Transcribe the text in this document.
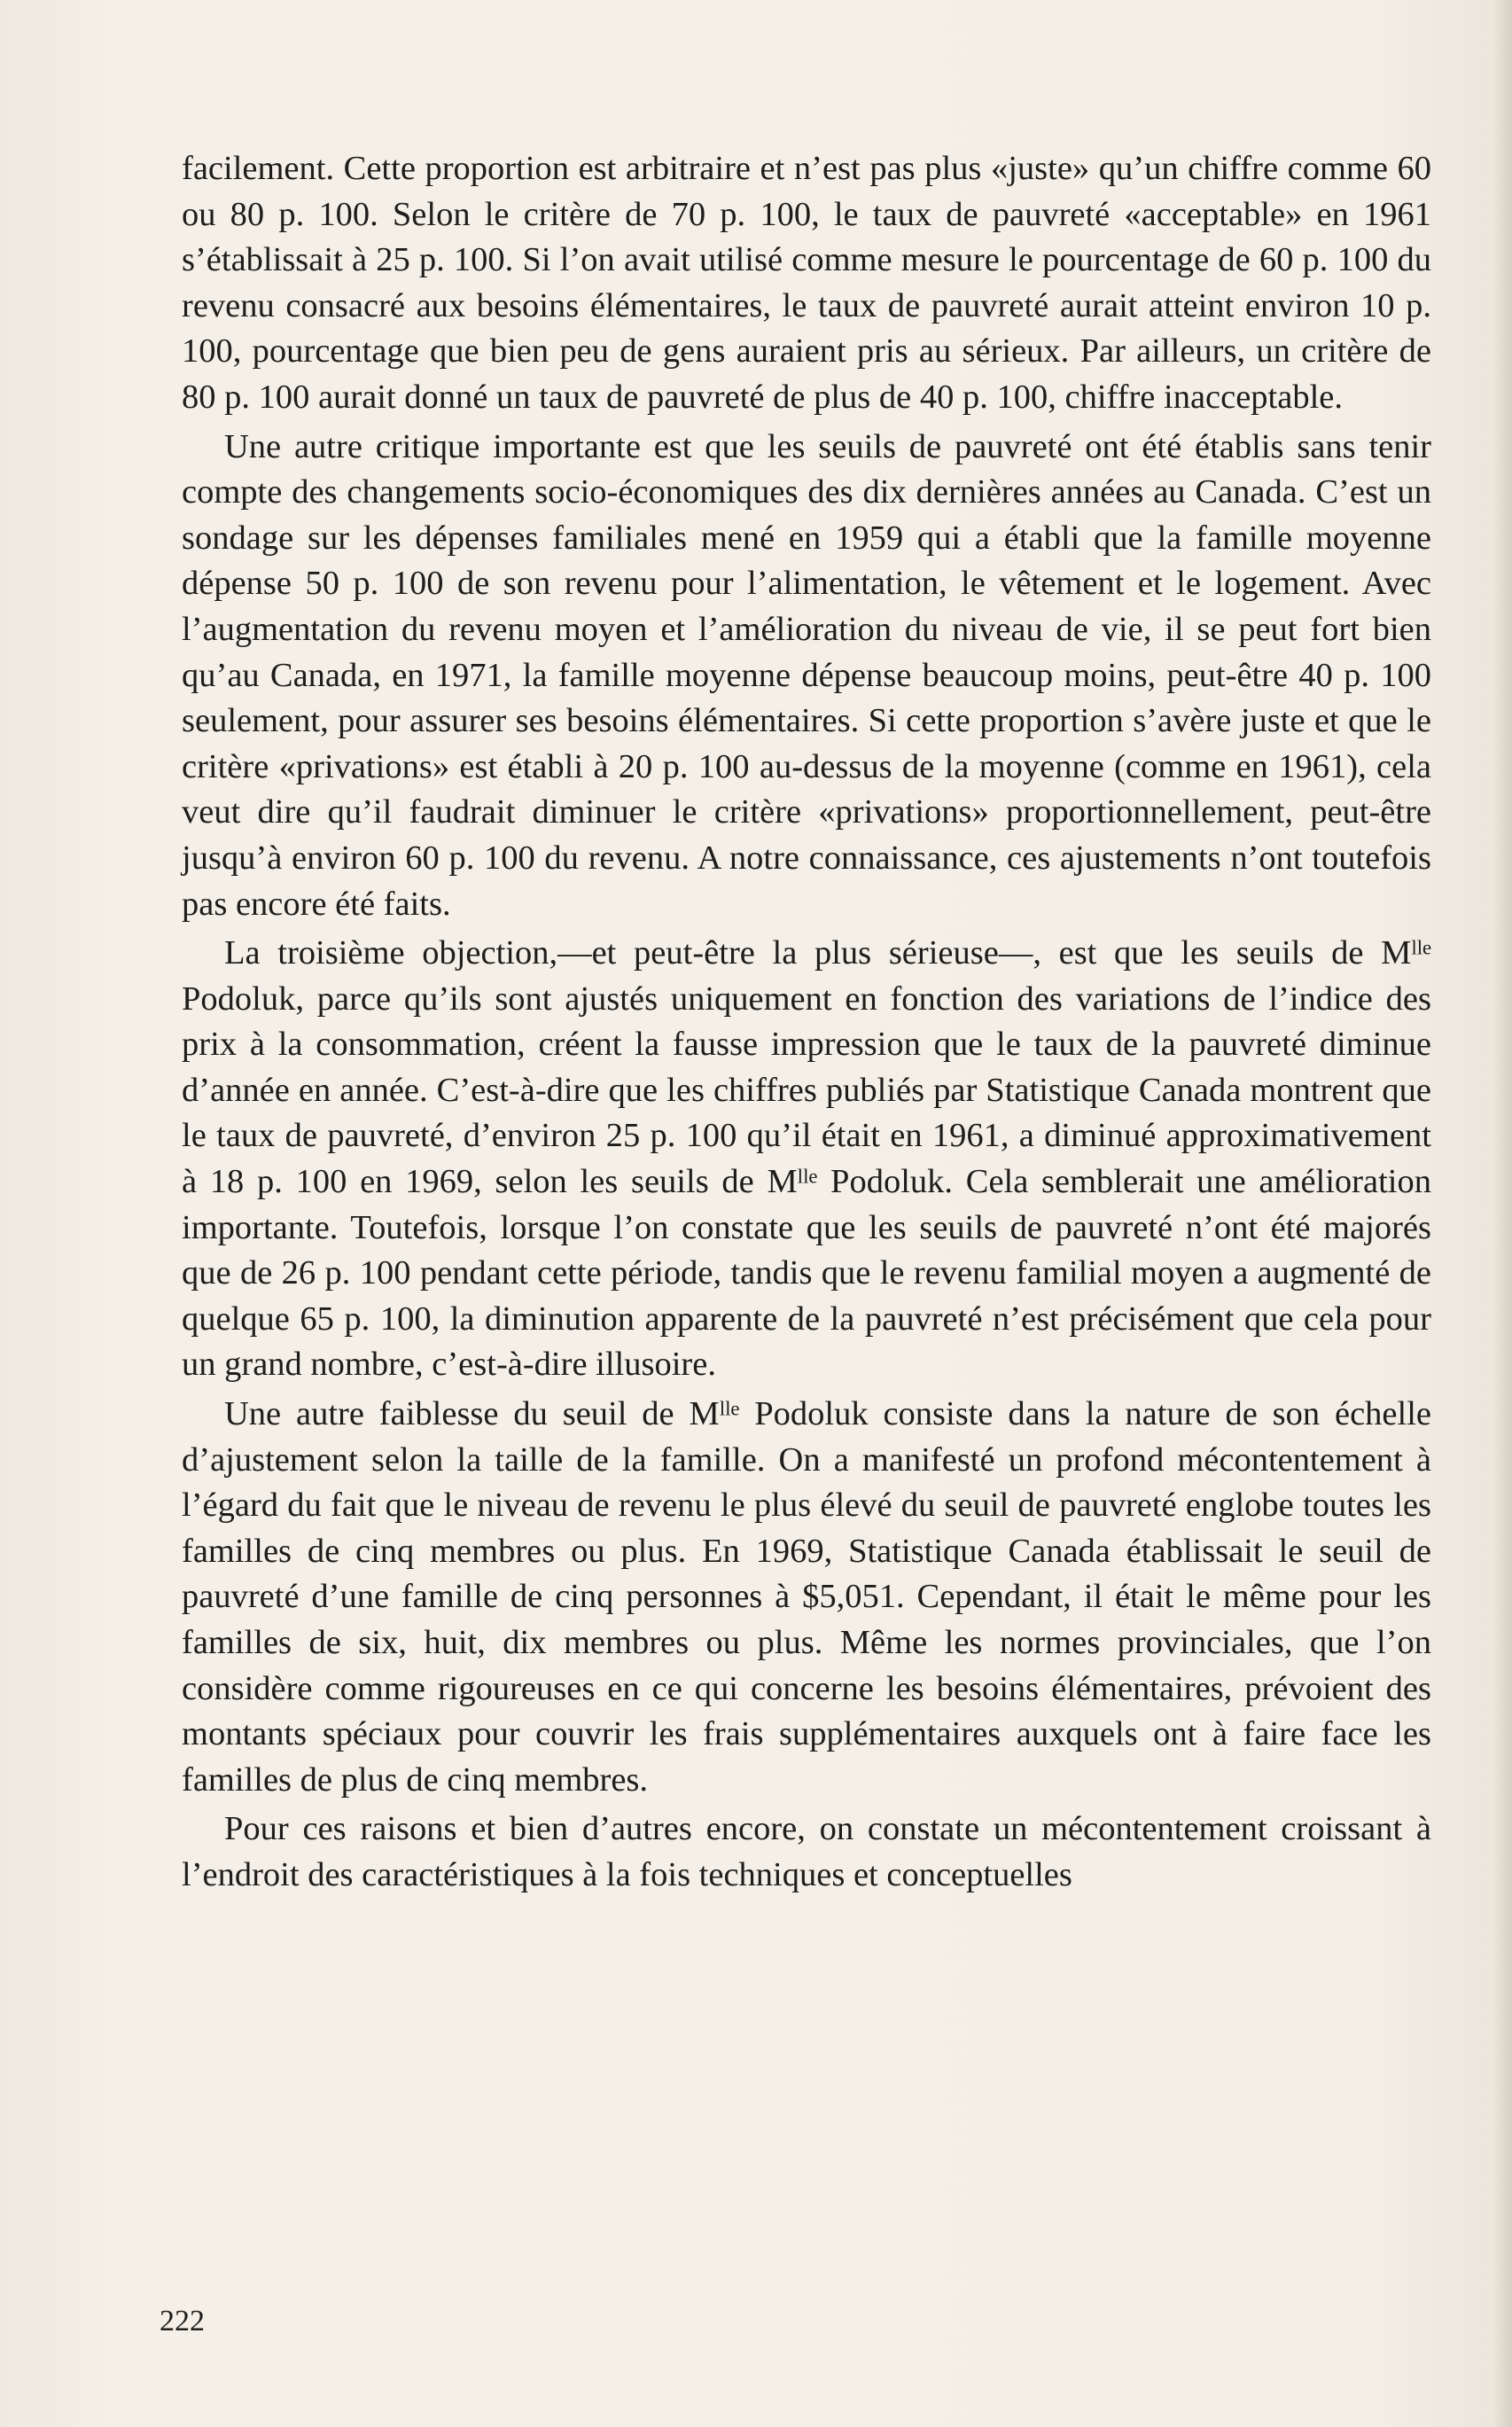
facilement. Cette proportion est arbitraire et n’est pas plus «juste» qu’un chiffre comme 60 ou 80 p. 100. Selon le critère de 70 p. 100, le taux de pauvreté «acceptable» en 1961 s’établissait à 25 p. 100. Si l’on avait utilisé comme mesure le pourcentage de 60 p. 100 du revenu consacré aux besoins élémentaires, le taux de pauvreté aurait atteint environ 10 p. 100, pourcentage que bien peu de gens auraient pris au sérieux. Par ailleurs, un critère de 80 p. 100 aurait donné un taux de pauvreté de plus de 40 p. 100, chiffre inacceptable.

Une autre critique importante est que les seuils de pauvreté ont été établis sans tenir compte des changements socio-économiques des dix dernières années au Canada. C’est un sondage sur les dépenses familiales mené en 1959 qui a établi que la famille moyenne dépense 50 p. 100 de son revenu pour l’alimentation, le vêtement et le logement. Avec l’augmentation du revenu moyen et l’amélioration du niveau de vie, il se peut fort bien qu’au Canada, en 1971, la famille moyenne dépense beaucoup moins, peut-être 40 p. 100 seulement, pour assurer ses besoins élémentaires. Si cette proportion s’avère juste et que le critère «privations» est établi à 20 p. 100 au-dessus de la moyenne (comme en 1961), cela veut dire qu’il faudrait diminuer le critère «privations» proportionnellement, peut-être jusqu’à environ 60 p. 100 du revenu. A notre connaissance, ces ajustements n’ont toutefois pas encore été faits.

La troisième objection,—et peut-être la plus sérieuse—, est que les seuils de Mˡˡᵉ Podoluk, parce qu’ils sont ajustés uniquement en fonction des variations de l’indice des prix à la consommation, créent la fausse impression que le taux de la pauvreté diminue d’année en année. C’est-à-dire que les chiffres publiés par Statistique Canada montrent que le taux de pauvreté, d’environ 25 p. 100 qu’il était en 1961, a diminué approximativement à 18 p. 100 en 1969, selon les seuils de Mˡˡᵉ Podoluk. Cela semblerait une amélioration importante. Toutefois, lorsque l’on constate que les seuils de pauvreté n’ont été majorés que de 26 p. 100 pendant cette période, tandis que le revenu familial moyen a augmenté de quelque 65 p. 100, la diminution apparente de la pauvreté n’est précisément que cela pour un grand nombre, c’est-à-dire illusoire.

Une autre faiblesse du seuil de Mˡˡᵉ Podoluk consiste dans la nature de son échelle d’ajustement selon la taille de la famille. On a manifesté un profond mécontentement à l’égard du fait que le niveau de revenu le plus élevé du seuil de pauvreté englobe toutes les familles de cinq membres ou plus. En 1969, Statistique Canada établissait le seuil de pauvreté d’une famille de cinq personnes à $5,051. Cependant, il était le même pour les familles de six, huit, dix membres ou plus. Même les normes provinciales, que l’on considère comme rigoureuses en ce qui concerne les besoins élémentaires, prévoient des montants spéciaux pour couvrir les frais supplémentaires auxquels ont à faire face les familles de plus de cinq membres.

Pour ces raisons et bien d’autres encore, on constate un mécontentement croissant à l’endroit des caractéristiques à la fois techniques et conceptuelles

222
